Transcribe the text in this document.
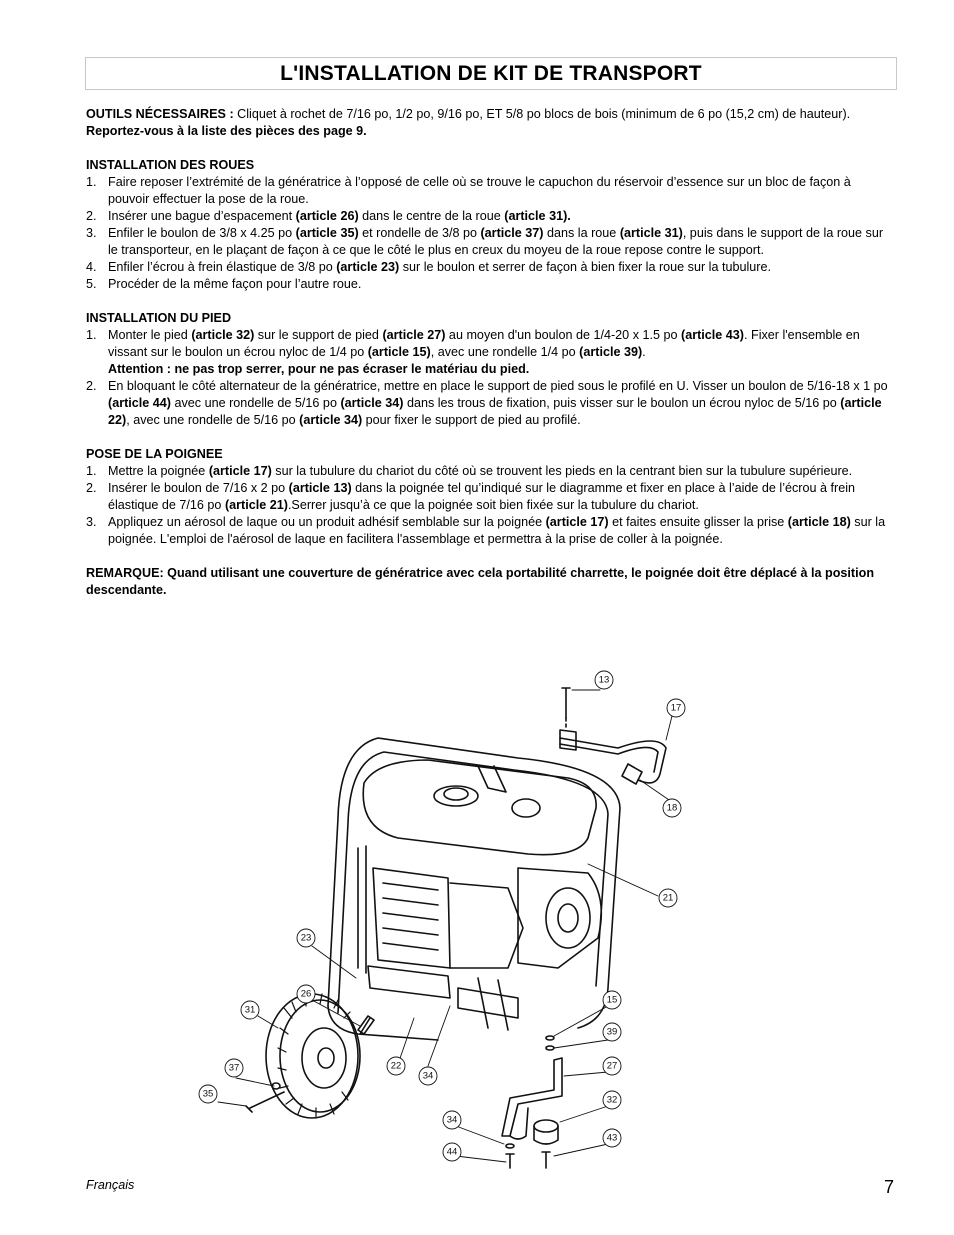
L'INSTALLATION DE KIT DE TRANSPORT

OUTILS NÉCESSAIRES : Cliquet à rochet de 7/16 po, 1/2 po, 9/16 po, ET 5/8 po blocs de bois (minimum de 6 po (15,2 cm) de hauteur).

Reportez-vous à la liste des pièces des page 9.

INSTALLATION DES ROUES

1. Faire reposer l’extrémité de la génératrice à l’opposé de celle où se trouve le capuchon du réservoir d’essence sur un bloc de façon à pouvoir effectuer la pose de la roue.
2. Insérer une bague d’espacement (article 26) dans le centre de la roue (article 31).
3. Enfiler le boulon de 3/8 x 4.25 po (article 35) et rondelle de 3/8 po (article 37) dans la roue (article 31), puis dans le support de la roue sur le transporteur, en le plaçant de façon à ce que le côté le plus en creux du moyeu de la roue repose contre le support.
4. Enfiler l’écrou à frein élastique de 3/8 po (article 23) sur le boulon et serrer de façon à bien fixer la roue sur la tubulure.
5. Procéder de la même façon pour l’autre roue.

INSTALLATION DU PIED

1. Monter le pied (article 32) sur le support de pied (article 27) au moyen d'un boulon de 1/4-20 x 1.5 po (article 43). Fixer l'ensemble en vissant sur le boulon un écrou nyloc de 1/4 po (article 15), avec une rondelle 1/4 po (article 39).
Attention : ne pas trop serrer, pour ne pas écraser le matériau du pied.
2. En bloquant le côté alternateur de la génératrice, mettre en place le support de pied sous le profilé en U. Visser un boulon de 5/16-18 x 1 po (article 44) avec une rondelle de 5/16 po (article 34) dans les trous de fixation, puis visser sur le boulon un écrou nyloc de 5/16 po (article 22), avec une rondelle de 5/16 po (article 34) pour fixer le support de pied au profilé.

POSE DE LA POIGNEE

1. Mettre la poignée (article 17) sur la tubulure du chariot du côté où se trouvent les pieds en la centrant bien sur la tubulure supérieure.
2. Insérer le boulon de 7/16 x 2 po (article 13) dans la poignée tel qu’indiqué sur le diagramme et fixer en place à l’aide de l’écrou à frein élastique de 7/16 po (article 21).Serrer jusqu’à ce que la poignée soit bien fixée sur la tubulure du chariot.
3. Appliquez un aérosol de laque ou un produit adhésif semblable sur la poignée (article 17) et faites ensuite glisser la prise (article 18) sur la poignée. L'emploi de l'aérosol de laque en facilitera l'assemblage et permettra à la prise de coller à la poignée.

REMARQUE: Quand utilisant une couverture de génératrice avec cela portabilité charrette, le poignée doit être déplacé à la position descendante.

13
17
18
21
23
26
31
37
35
22
34
15
39
27
32
43
34
44
Français	7
